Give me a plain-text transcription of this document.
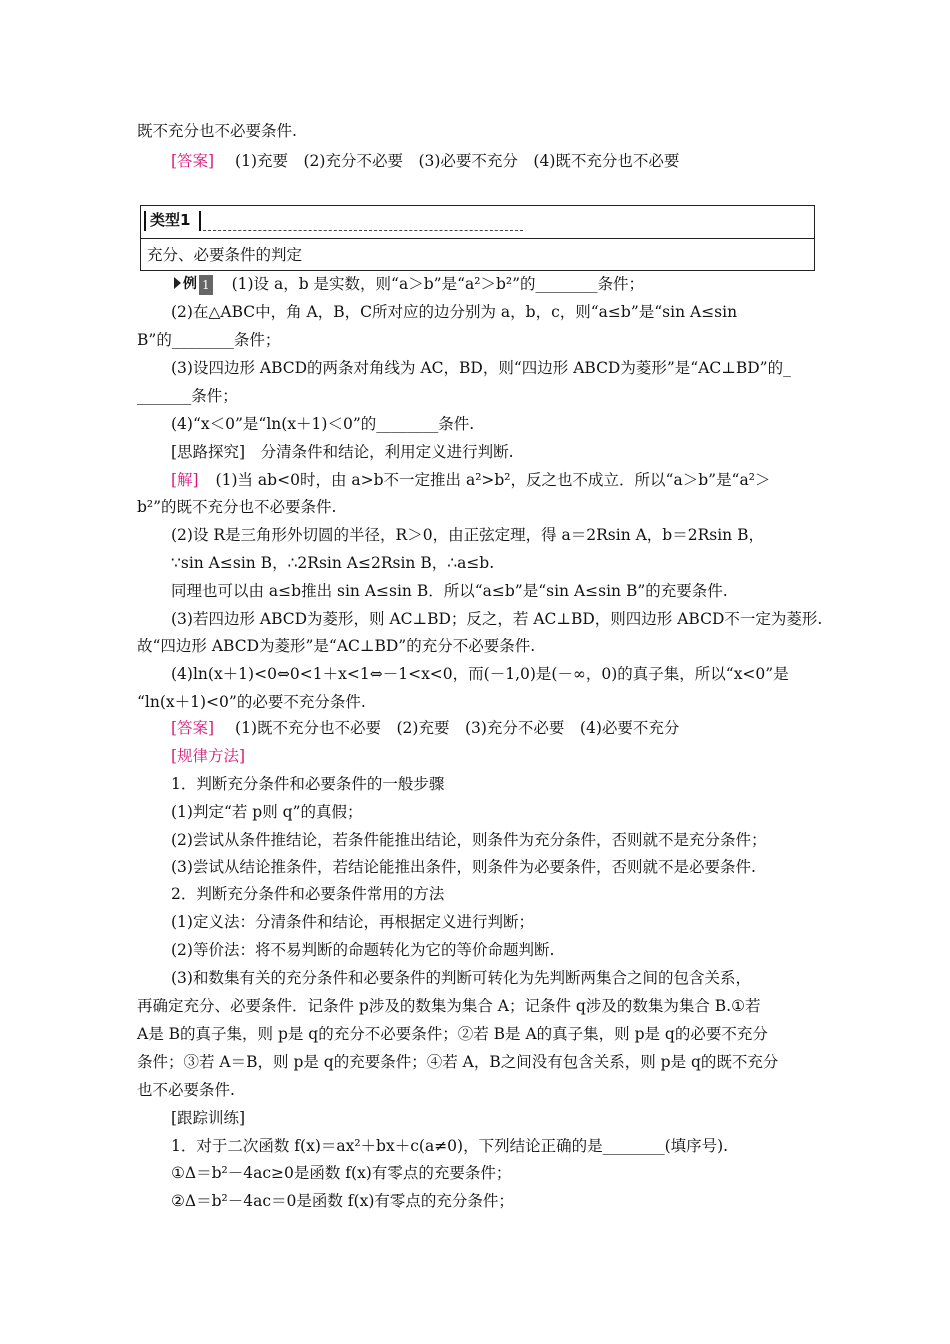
既不充分也不必要条件.
[答案] (1)充要　(2)充分不必要　(3)必要不充分　(4)既不充分也不必要
类型1
充分、必要条件的判定
例 1 (1)设 a，b 是实数，则“a＞b”是“a²＞b²”的________条件；
(2)在△ABC中，角 A，B，C所对应的边分别为 a，b，c，则“a≤b”是“sin A≤sin
B”的________条件；
(3)设四边形 ABCD的两条对角线为 AC，BD，则“四边形 ABCD为菱形”是“AC⊥BD”的_
_______条件；
(4)“x＜0”是“ln(x＋1)＜0”的________条件.
[思路探究]　分清条件和结论，利用定义进行判断.
[解] (1)当 ab<0时，由 a>b不一定推出 a²>b²，反之也不成立．所以“a＞b”是“a²＞
b²”的既不充分也不必要条件.
(2)设 R是三角形外切圆的半径，R＞0，由正弦定理，得 a＝2Rsin A，b＝2Rsin B，
∵sin A≤sin B，∴2Rsin A≤2Rsin B，∴a≤b.
同理也可以由 a≤b推出 sin A≤sin B．所以“a≤b”是“sin A≤sin B”的充要条件.
(3)若四边形 ABCD为菱形，则 AC⊥BD；反之，若 AC⊥BD，则四边形 ABCD不一定为菱形.
故“四边形 ABCD为菱形”是“AC⊥BD”的充分不必要条件.
(4)ln(x＋1)<0⇔0<1＋x<1⇔－1<x<0，而(－1,0)是(－∞，0)的真子集，所以“x<0”是
“ln(x＋1)<0”的必要不充分条件.
[答案] (1)既不充分也不必要　(2)充要　(3)充分不必要　(4)必要不充分
[规律方法]
1．判断充分条件和必要条件的一般步骤
(1)判定“若 p则 q”的真假；
(2)尝试从条件推结论，若条件能推出结论，则条件为充分条件，否则就不是充分条件；
(3)尝试从结论推条件，若结论能推出条件，则条件为必要条件，否则就不是必要条件.
2．判断充分条件和必要条件常用的方法
(1)定义法：分清条件和结论，再根据定义进行判断；
(2)等价法：将不易判断的命题转化为它的等价命题判断.
(3)和数集有关的充分条件和必要条件的判断可转化为先判断两集合之间的包含关系，
再确定充分、必要条件．记条件 p涉及的数集为集合 A；记条件 q涉及的数集为集合 B.①若
A是 B的真子集，则 p是 q的充分不必要条件；②若 B是 A的真子集，则 p是 q的必要不充分
条件；③若 A＝B，则 p是 q的充要条件；④若 A，B之间没有包含关系，则 p是 q的既不充分
也不必要条件.
[跟踪训练]
1．对于二次函数 f(x)＝ax²＋bx＋c(a≠0)，下列结论正确的是________(填序号).
①Δ＝b²－4ac≥0是函数 f(x)有零点的充要条件；
②Δ＝b²－4ac＝0是函数 f(x)有零点的充分条件；
